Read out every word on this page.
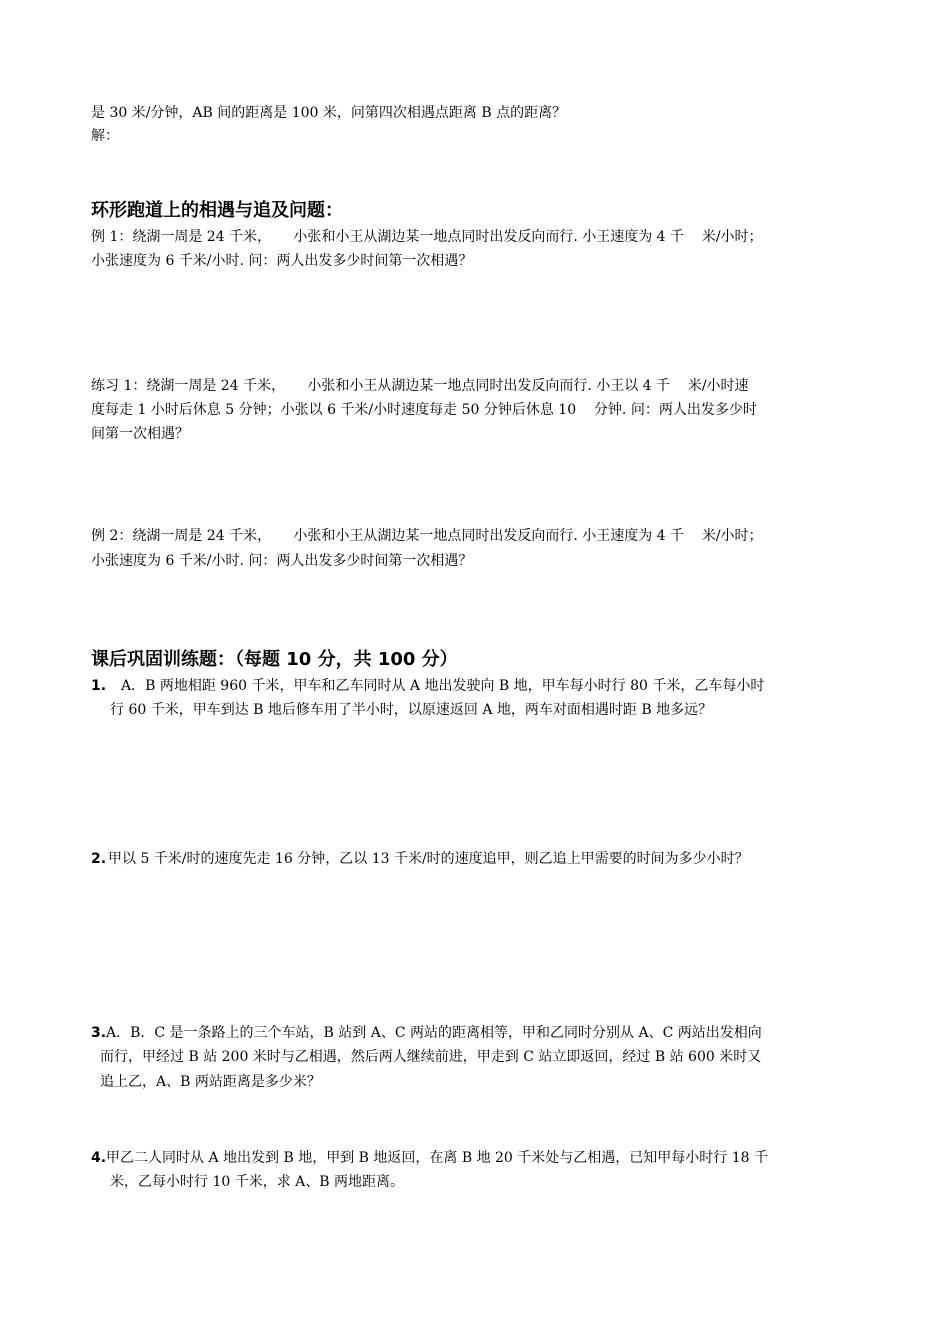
是 30 米/分钟，AB 间的距离是 100 米，问第四次相遇点距离 B 点的距离？
解：
环形跑道上的相遇与追及问题：
例 1：绕湖一周是 24 千米，     小张和小王从湖边某一地点同时出发反向而行. 小王速度为 4 千    米/小时；
小张速度为 6 千米/小时. 问：两人出发多少时间第一次相遇？
练习 1：绕湖一周是 24 千米，     小张和小王从湖边某一地点同时出发反向而行. 小王以 4 千    米/小时速
度每走 1 小时后休息 5 分钟；小张以 6 千米/小时速度每走 50 分钟后休息 10    分钟. 问：两人出发多少时
间第一次相遇？
例 2：绕湖一周是 24 千米，     小张和小王从湖边某一地点同时出发反向而行. 小王速度为 4 千    米/小时；
小张速度为 6 千米/小时. 问：两人出发多少时间第一次相遇？
课后巩固训练题：（每题 10 分，共 100 分）
1. A．B 两地相距 960 千米，甲车和乙车同时从 A 地出发驶向 B 地，甲车每小时行 80 千米，乙车每小时
行 60 千米，甲车到达 B 地后修车用了半小时，以原速返回 A 地，两车对面相遇时距 B 地多远？
2. 甲以 5 千米/时的速度先走 16 分钟，乙以 13 千米/时的速度追甲，则乙追上甲需要的时间为多少小时？
3. A．B．C 是一条路上的三个车站，B 站到 A、C 两站的距离相等，甲和乙同时分别从 A、C 两站出发相向
而行，甲经过 B 站 200 米时与乙相遇，然后两人继续前进，甲走到 C 站立即返回，经过 B 站 600 米时又
追上乙，A、B 两站距离是多少米？
4. 甲乙二人同时从 A 地出发到 B 地，甲到 B 地返回，在离 B 地 20 千米处与乙相遇，已知甲每小时行 18 千
米，乙每小时行 10 千米，求 A、B 两地距离。
